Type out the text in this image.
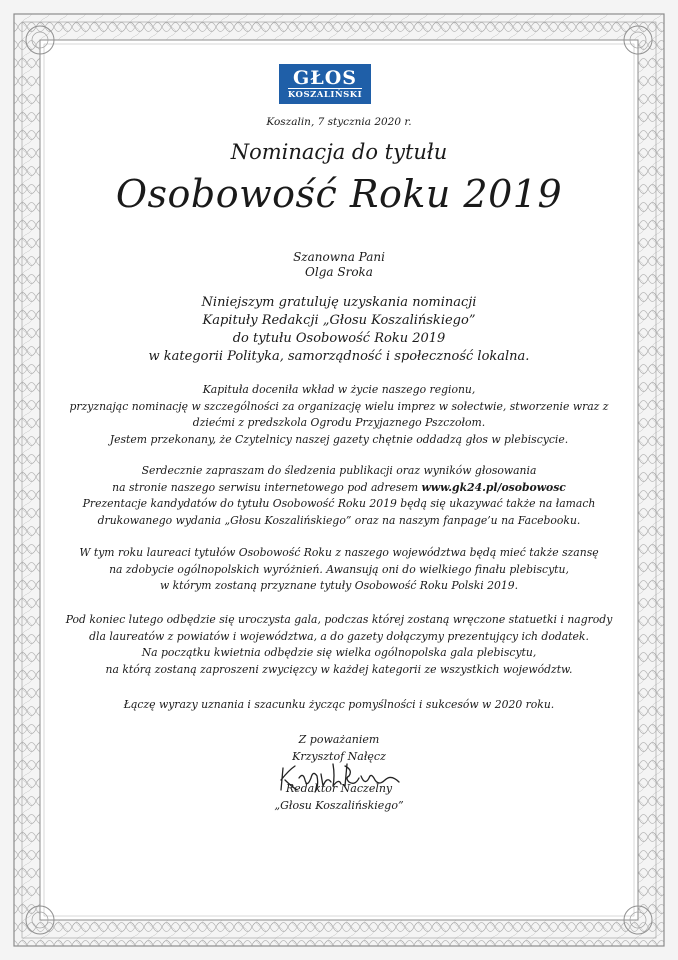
GŁOS
KOSZALIŃSKI
Koszalin, 7 stycznia 2020 r.
Nominacja do tytułu
Osobowość Roku 2019
Szanowna Pani
Olga Sroka
Niniejszym gratuluję uzyskania nominacji
Kapituły Redakcji „Głosu Koszalińskiego”
do tytułu Osobowość Roku 2019
w kategorii Polityka, samorządność i społeczność lokalna.
Kapituła doceniła wkład w życie naszego regionu,
przyznając nominację w szczególności za organizację wielu imprez w sołectwie, stworzenie wraz z
dziećmi z predszkola Ogrodu Przyjaznego Pszczołom.
Jestem przekonany, że Czytelnicy naszej gazety chętnie oddadzą głos w plebiscycie.
Serdecznie zapraszam do śledzenia publikacji oraz wyników głosowania
na stronie naszego serwisu internetowego pod adresem www.gk24.pl/osobowosc
Prezentacje kandydatów do tytułu Osobowość Roku 2019 będą się ukazywać także na łamach
drukowanego wydania „Głosu Koszalińskiego” oraz na naszym fanpage’u na Facebooku.
W tym roku laureaci tytułów Osobowość Roku z naszego województwa będą mieć także szansę
na zdobycie ogólnopolskich wyróżnień. Awansują oni do wielkiego finału plebiscytu,
w którym zostaną przyznane tytuły Osobowość Roku Polski 2019.
Pod koniec lutego odbędzie się uroczysta gala, podczas której zostaną wręczone statuetki i nagrody
dla laureatów z powiatów i województwa, a do gazety dołączymy prezentujący ich dodatek.
Na początku kwietnia odbędzie się wielka ogólnopolska gala plebiscytu,
na którą zostaną zaproszeni zwycięzcy w każdej kategorii ze wszystkich województw.
Łączę wyrazy uznania i szacunku życząc pomyślności i sukcesów w 2020 roku.
Z poważaniem
Krzysztof Nałęcz
Redaktor Naczelny
„Głosu Koszalińskiego”
